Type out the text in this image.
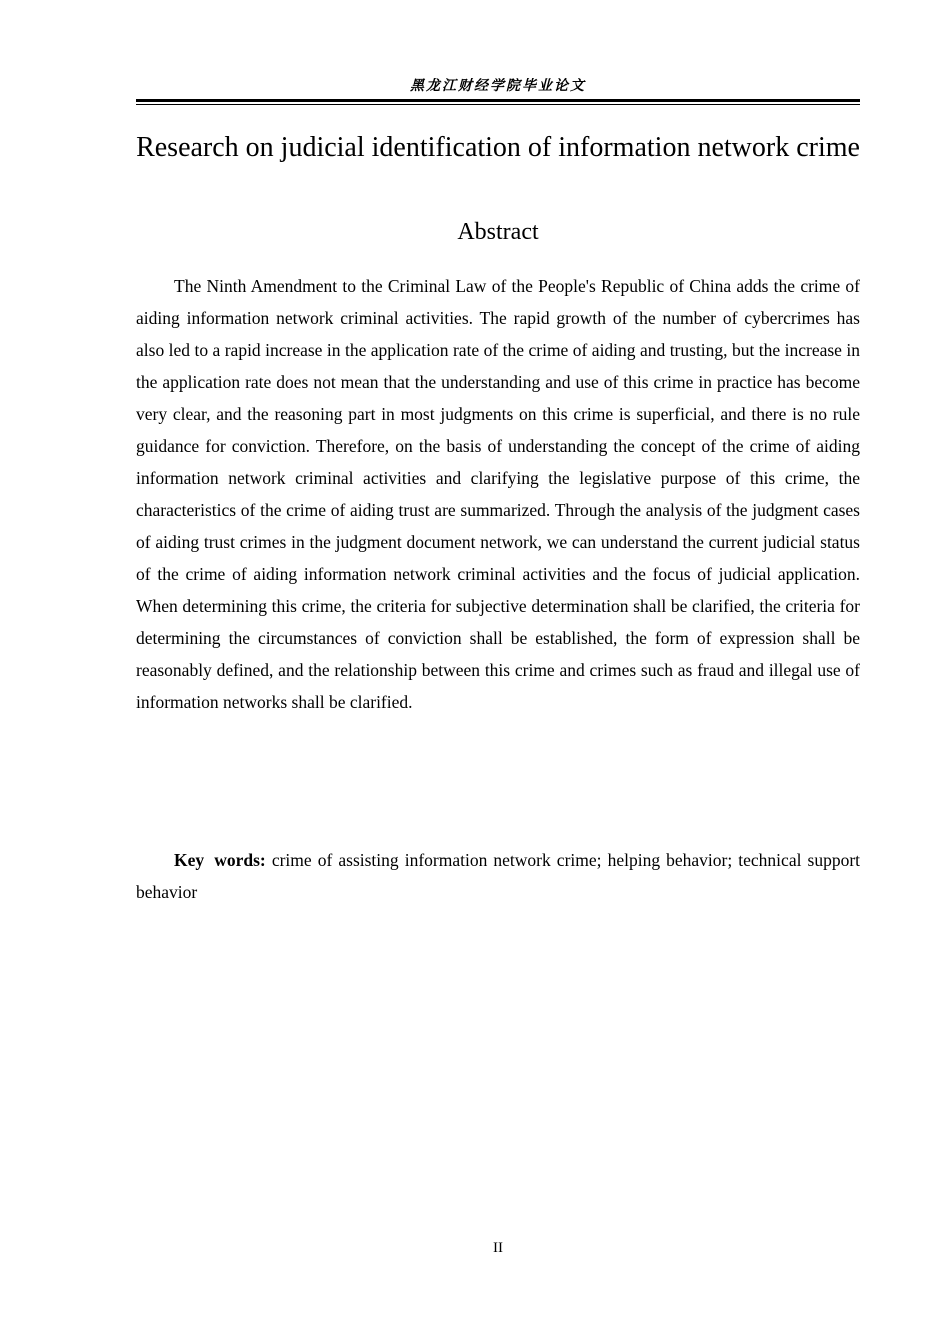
黑龙江财经学院毕业论文
Research on judicial identification of information network crime
Abstract

The Ninth Amendment to the Criminal Law of the People's Republic of China adds the crime of aiding information network criminal activities. The rapid growth of the number of cybercrimes has also led to a rapid increase in the application rate of the crime of aiding and trusting, but the increase in the application rate does not mean that the understanding and use of this crime in practice has become very clear, and the reasoning part in most judgments on this crime is superficial, and there is no rule guidance for conviction. Therefore, on the basis of understanding the concept of the crime of aiding information network criminal activities and clarifying the legislative purpose of this crime, the characteristics of the crime of aiding trust are summarized. Through the analysis of the judgment cases of aiding trust crimes in the judgment document network, we can understand the current judicial status of the crime of aiding information network criminal activities and the focus of judicial application. When determining this crime, the criteria for subjective determination shall be clarified, the criteria for determining the circumstances of conviction shall be established, the form of expression shall be reasonably defined, and the relationship between this crime and crimes such as fraud and illegal use of information networks shall be clarified.

Key words: crime of assisting information network crime; helping behavior; technical support behavior

II
